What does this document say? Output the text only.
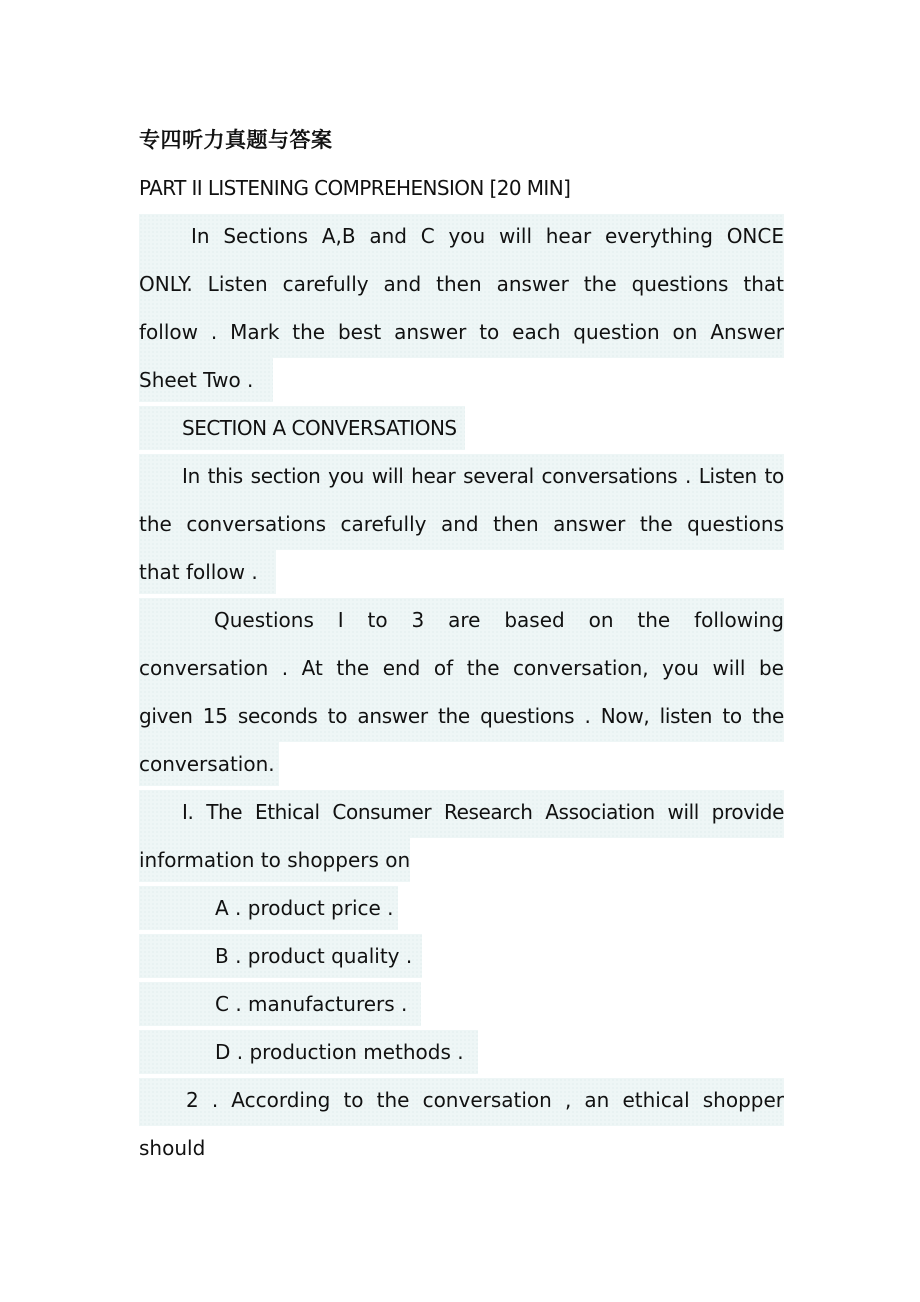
专四听力真题与答案
PART II LISTENING COMPREHENSION [20 MIN]
In Sections A,B and C you will hear everything ONCE
ONLY. Listen carefully and then answer the questions that
follow . Mark the best answer to each question on Answer
Sheet Two .
SECTION A CONVERSATIONS
In this section you will hear several conversations . Listen to
the conversations carefully and then answer the questions
that follow .
Questions I to 3 are based on the following
conversation . At the end of the conversation, you will be
given 15 seconds to answer the questions . Now, listen to the
conversation.
I. The Ethical Consumer Research Association will provide
information to shoppers on
A . product price .
B . product quality .
C . manufacturers .
D . production methods .
2 . According to the conversation , an ethical shopper
should
